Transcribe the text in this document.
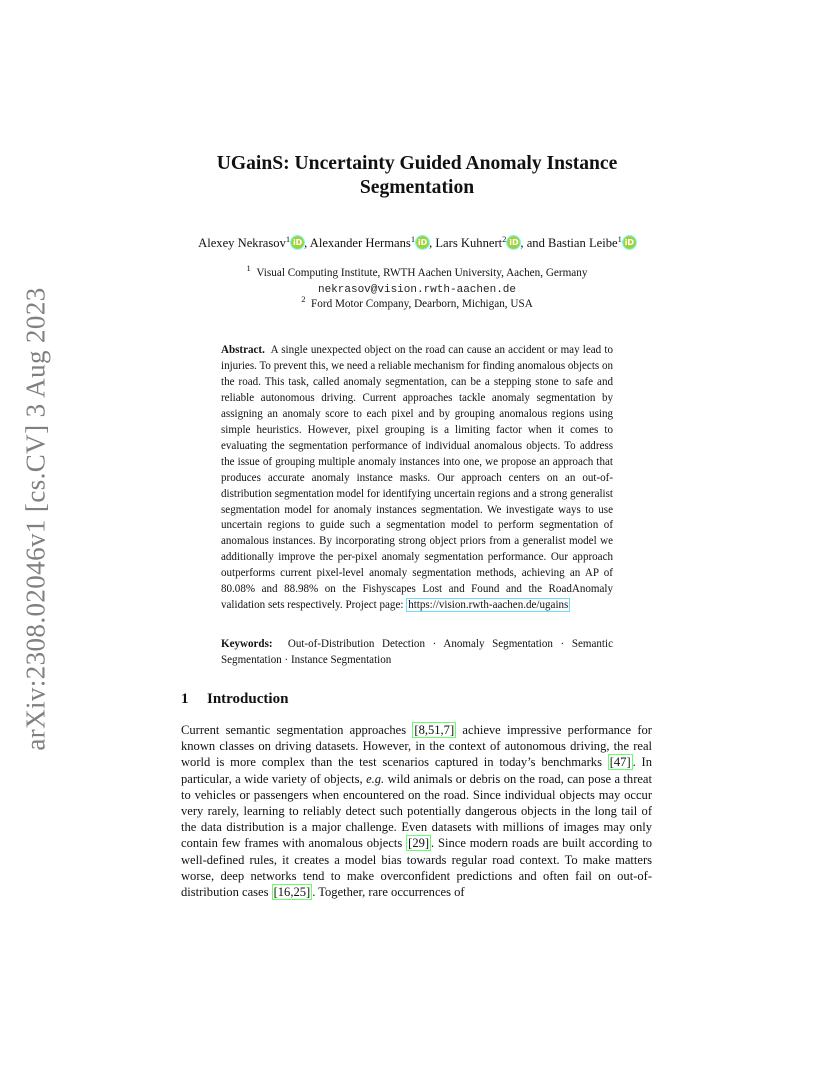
arXiv:2308.02046v1 [cs.CV] 3 Aug 2023
UGainS: Uncertainty Guided Anomaly Instance
Segmentation
Alexey Nekrasov$^1$ iD , Alexander Hermans$^1$ iD , Lars Kuhnert$^2$ iD , and Bastian Leibe$^1$ iD
$^1$ Visual Computing Institute, RWTH Aachen University, Aachen, Germany
nekrasov@vision.rwth-aachen.de
$^2$ Ford Motor Company, Dearborn, Michigan, USA
Abstract. A single unexpected object on the road can cause an accident or may lead to injuries. To prevent this, we need a reliable mechanism for finding anomalous objects on the road. This task, called anomaly segmentation, can be a stepping stone to safe and reliable autonomous driving. Current approaches tackle anomaly segmentation by assigning an anomaly score to each pixel and by grouping anomalous regions using simple heuristics. However, pixel grouping is a limiting factor when it comes to evaluating the segmentation performance of individual anomalous objects. To address the issue of grouping multiple anomaly instances into one, we propose an approach that produces accurate anomaly instance masks. Our approach centers on an out-of-distribution segmentation model for identifying uncertain regions and a strong generalist segmentation model for anomaly instances segmentation. We investigate ways to use uncertain regions to guide such a segmentation model to perform segmentation of anomalous instances. By incorporating strong object priors from a generalist model we additionally improve the per-pixel anomaly segmentation performance. Our approach outperforms current pixel-level anomaly segmentation methods, achieving an AP of 80.08% and 88.98% on the Fishyscapes Lost and Found and the RoadAnomaly validation sets respectively. Project page: https://vision.rwth-aachen.de/ugains
Keywords: Out-of-Distribution Detection · Anomaly Segmentation · Semantic Segmentation · Instance Segmentation
1 Introduction
Current semantic segmentation approaches [8,51,7] achieve impressive performance for known classes on driving datasets. However, in the context of autonomous driving, the real world is more complex than the test scenarios captured in today’s benchmarks [47] . In particular, a wide variety of objects, e.g. wild animals or debris on the road, can pose a threat to vehicles or passengers when encountered on the road. Since individual objects may occur very rarely, learning to reliably detect such potentially dangerous objects in the long tail of the data distribution is a major challenge. Even datasets with millions of images may only contain few frames with anomalous objects [29] . Since modern roads are built according to well-defined rules, it creates a model bias towards regular road context. To make matters worse, deep networks tend to make overconfident predictions and often fail on out-of-distribution cases [16,25] . Together, rare occurrences of
